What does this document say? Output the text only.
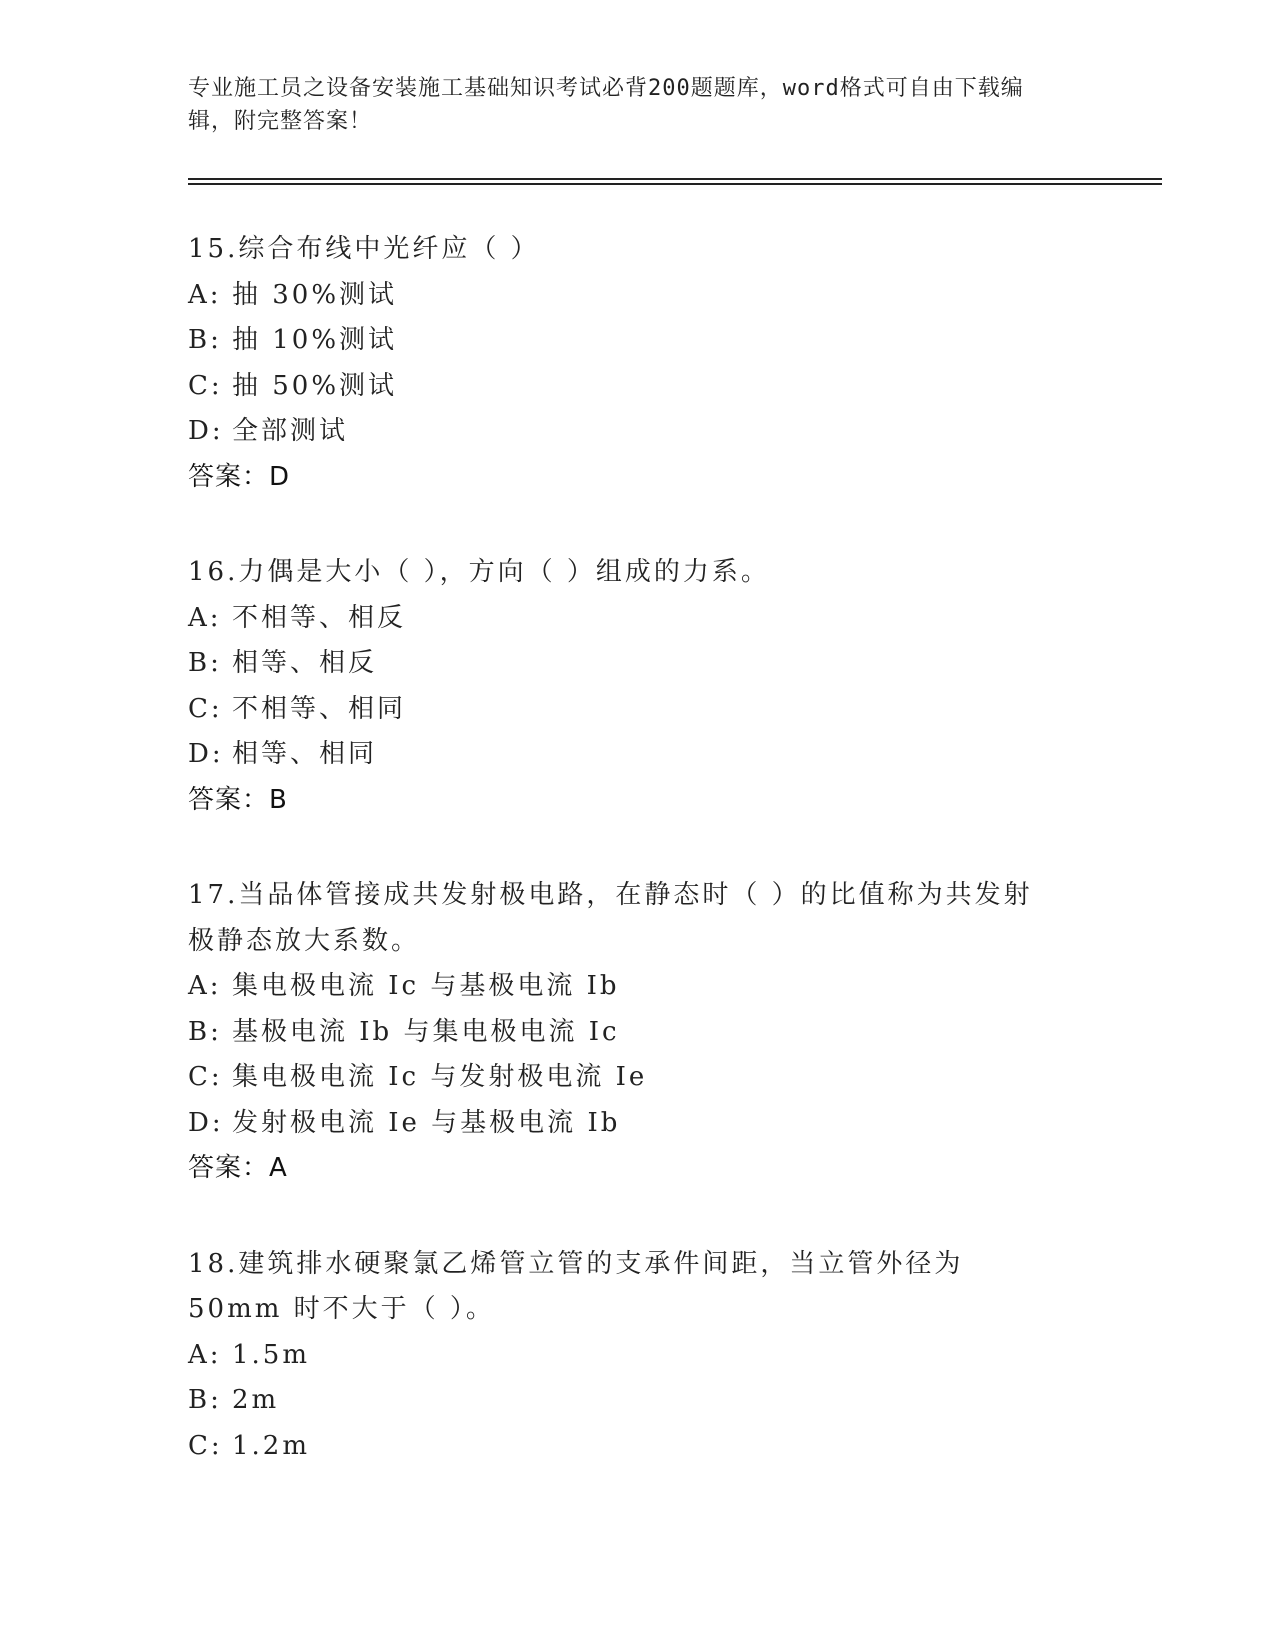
专业施工员之设备安装施工基础知识考试必背200题题库，word格式可自由下载编辑，附完整答案！

15.综合布线中光纤应（ ）
A: 抽 30%测试
B: 抽 10%测试
C: 抽 50%测试
D: 全部测试
答案：D
16.力偶是大小（ ），方向（ ）组成的力系。
A: 不相等、相反
B: 相等、相反
C: 不相等、相同
D: 相等、相同
答案：B
17.当品体管接成共发射极电路，在静态时（ ）的比值称为共发射极静态放大系数。
A: 集电极电流 Ic 与基极电流 Ib
B: 基极电流 Ib 与集电极电流 Ic
C: 集电极电流 Ic 与发射极电流 Ie
D: 发射极电流 Ie 与基极电流 Ib
答案：A
18.建筑排水硬聚氯乙烯管立管的支承件间距，当立管外径为 50mm 时不大于（ ）。
A: 1.5m
B: 2m
C: 1.2m
